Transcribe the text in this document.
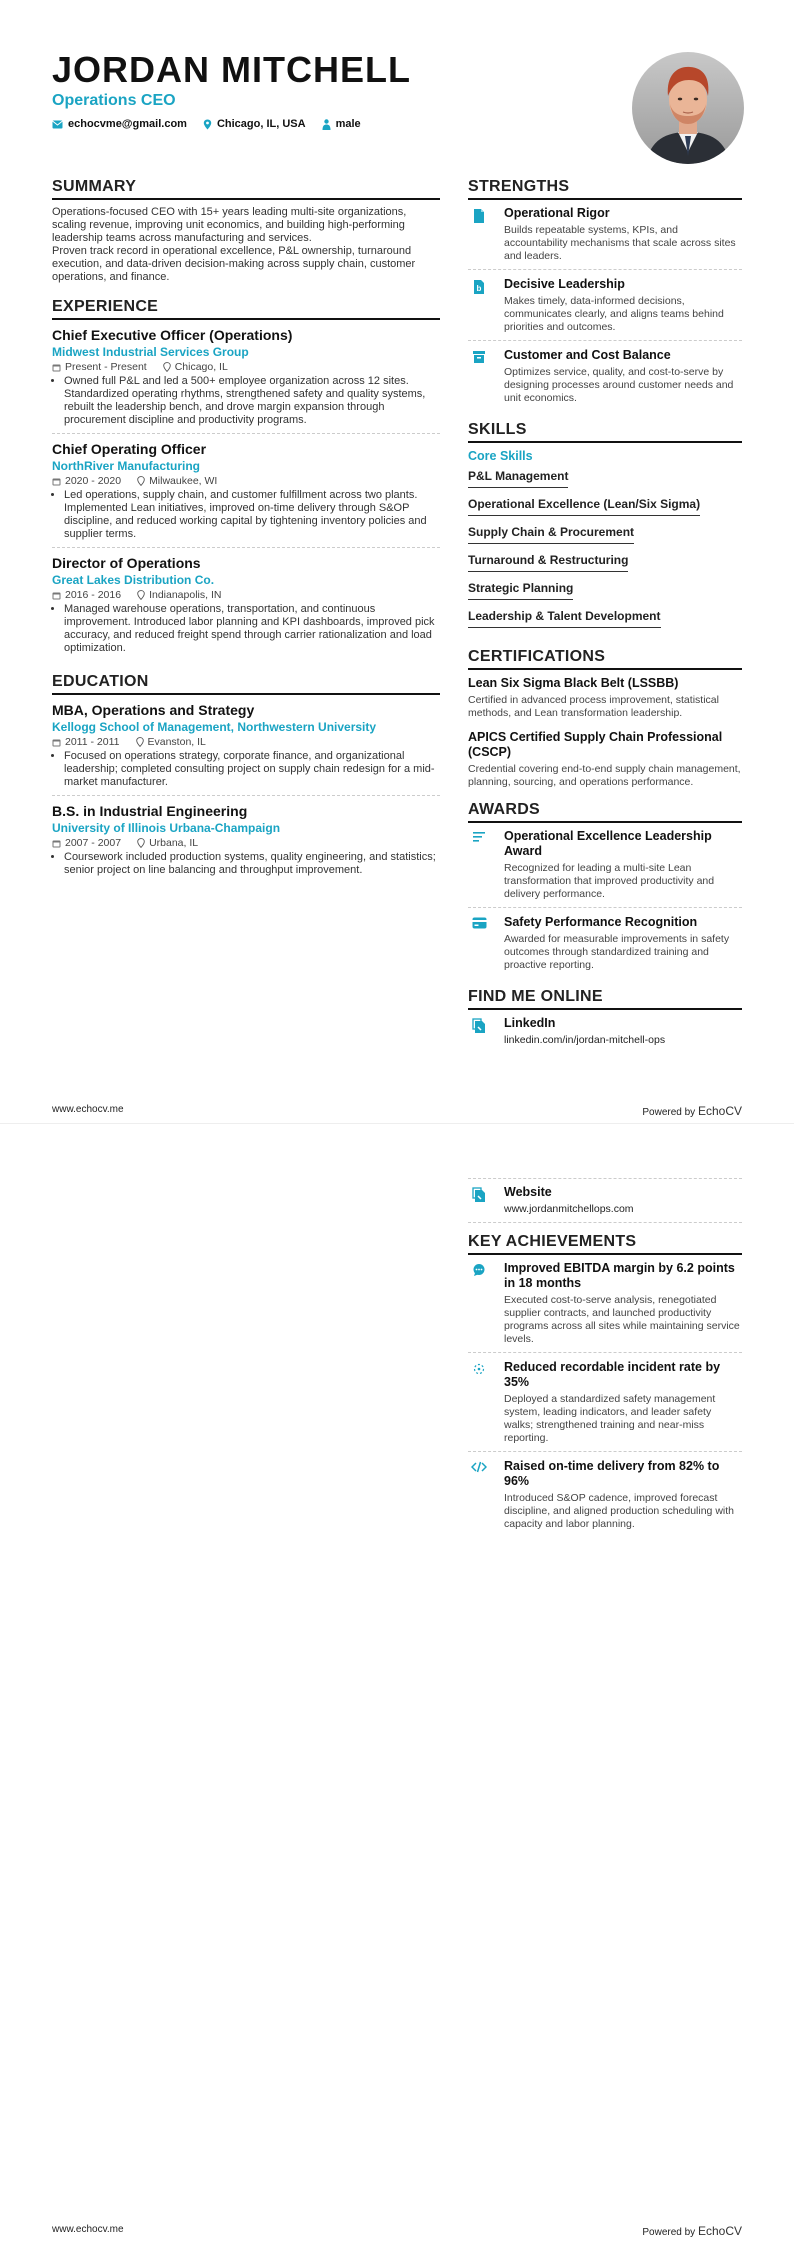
JORDAN MITCHELL
Operations CEO
echocvme@gmail.com	Chicago, IL, USA	male
SUMMARY

Operations-focused CEO with 15+ years leading multi-site organizations, scaling revenue, improving unit economics, and building high-performing leadership teams across manufacturing and services.

Proven track record in operational excellence, P&L ownership, turnaround execution, and data-driven decision-making across supply chain, customer operations, and finance.

EXPERIENCE
Chief Executive Officer (Operations)
Midwest Industrial Services Group
Present - Present	Chicago, IL
• Owned full P&L and led a 500+ employee organization across 12 sites. Standardized operating rhythms, strengthened safety and quality systems, rebuilt the leadership bench, and drove margin expansion through procurement discipline and productivity programs.
Chief Operating Officer
NorthRiver Manufacturing
2020 - 2020	Milwaukee, WI
• Led operations, supply chain, and customer fulfillment across two plants. Implemented Lean initiatives, improved on-time delivery through S&OP discipline, and reduced working capital by tightening inventory policies and supplier terms.
Director of Operations
Great Lakes Distribution Co.
2016 - 2016	Indianapolis, IN
• Managed warehouse operations, transportation, and continuous improvement. Introduced labor planning and KPI dashboards, improved pick accuracy, and reduced freight spend through carrier rationalization and load optimization.
EDUCATION
MBA, Operations and Strategy
Kellogg School of Management, Northwestern University
2011 - 2011	Evanston, IL
• Focused on operations strategy, corporate finance, and organizational leadership; completed consulting project on supply chain redesign for a mid-market manufacturer.
B.S. in Industrial Engineering
University of Illinois Urbana-Champaign
2007 - 2007	Urbana, IL
• Coursework included production systems, quality engineering, and statistics; senior project on line balancing and throughput improvement.
STRENGTHS
Operational Rigor
Builds repeatable systems, KPIs, and accountability mechanisms that scale across sites and leaders.
b Decisive Leadership
Makes timely, data-informed decisions, communicates clearly, and aligns teams behind priorities and outcomes.
Customer and Cost Balance
Optimizes service, quality, and cost-to-serve by designing processes around customer needs and unit economics.
SKILLS
Core Skills
P&L Management
Operational Excellence (Lean/Six Sigma)
Supply Chain & Procurement
Turnaround & Restructuring
Strategic Planning
Leadership & Talent Development
CERTIFICATIONS
Lean Six Sigma Black Belt (LSSBB)
Certified in advanced process improvement, statistical methods, and Lean transformation leadership.
APICS Certified Supply Chain Professional (CSCP)
Credential covering end-to-end supply chain management, planning, sourcing, and operations performance.
AWARDS
Operational Excellence Leadership Award
Recognized for leading a multi-site Lean transformation that improved productivity and delivery performance.
Safety Performance Recognition
Awarded for measurable improvements in safety outcomes through standardized training and proactive reporting.
FIND ME ONLINE
LinkedIn
linkedin.com/in/jordan-mitchell-ops
www.echocv.me	Powered by EchoCV
Website
www.jordanmitchellops.com
KEY ACHIEVEMENTS
Improved EBITDA margin by 6.2 points in 18 months
Executed cost-to-serve analysis, renegotiated supplier contracts, and launched productivity programs across all sites while maintaining service levels.
Reduced recordable incident rate by 35%
Deployed a standardized safety management system, leading indicators, and leader safety walks; strengthened training and near-miss reporting.
Raised on-time delivery from 82% to 96%
Introduced S&OP cadence, improved forecast discipline, and aligned production scheduling with capacity and labor planning.
www.echocv.me	Powered by EchoCV
